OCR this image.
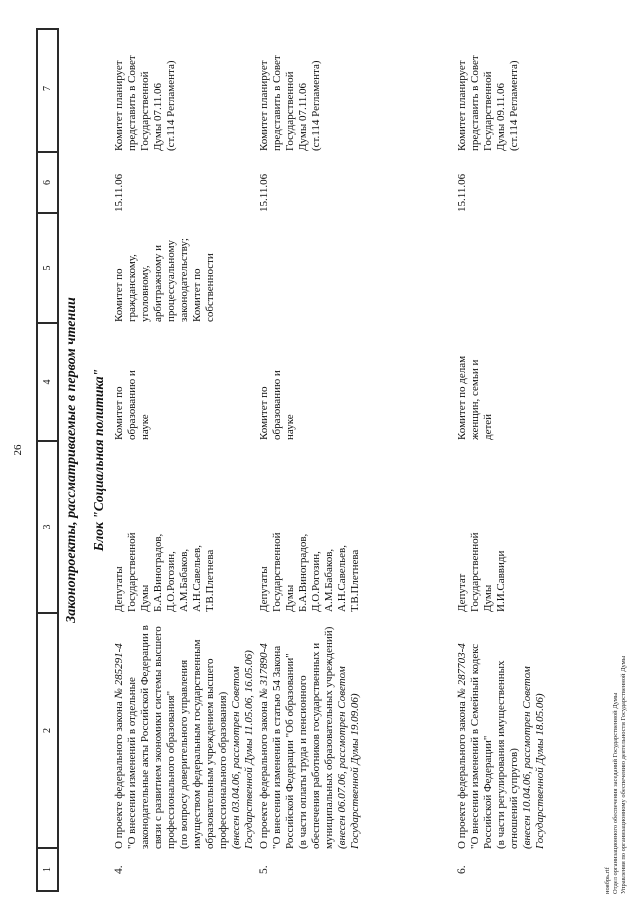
26
1
2
3
4
5
6
7
Законопроекты, рассматриваемые в первом чтении Блок "Социальная политика"
4.
О проекте федерального закона № 285291-4
"О внесении изменений в отдельные законодательные акты Российской Федерации в связи с развитием экономики системы высшего профессионального образования" (по вопросу доверительного управления имуществом федеральным государственным образовательным учреждением высшего профессионального образования) (внесен 03.04.06, рассмотрен Советом Государственной Думы 11.05.06, 16.05.06)
Депутаты Государственной Думы Б.А.Виноградов, Д.О.Рогозин, А.М.Бабаков, А.Н.Савельев, Т.В.Плетнева
Комитет по образованию и науке
Комитет по гражданскому, уголовному, арбитражному и процессуальному законодательству; Комитет по собственности
15.11.06
Комитет планирует представить в Совет Государственной Думы 07.11.06 (ст.114 Регламента)
5.
О проекте федерального закона № 317890-4 "О внесении изменений в статью 54 Закона Российской Федерации "Об образовании" (в части оплаты труда и пенсионного обеспечения работников государственных и муниципальных образовательных учреждений) (внесен 06.07.06, рассмотрен Советом Государственной Думы 19.09.06)
Депутаты Государственной Думы Б.А.Виноградов, Д.О.Рогозин, А.М.Бабаков, А.Н.Савельев, Т.В.Плетнева
Комитет по образованию и науке
15.11.06
Комитет планирует представить в Совет Государственной Думы 07.11.06 (ст.114 Регламента)
6.
О проекте федерального закона № 287703-4 "О внесении изменений в Семейный кодекс Российской Федерации" (в части регулирования имущественных отношений супругов) (внесен 10.04.06, рассмотрен Советом Государственной Думы 18.05.06)
Депутат Государственной Думы И.И.Саввиди
Комитет по делам женщин, семьи и детей
15.11.06
Комитет планирует представить в Совет Государственной Думы 09.11.06 (ст.114 Регламента)
ноябрь.rtf Отдел организационного обеспечения заседаний Государственной Думы Управления по организационному обеспечению деятельности Государственной Думы
